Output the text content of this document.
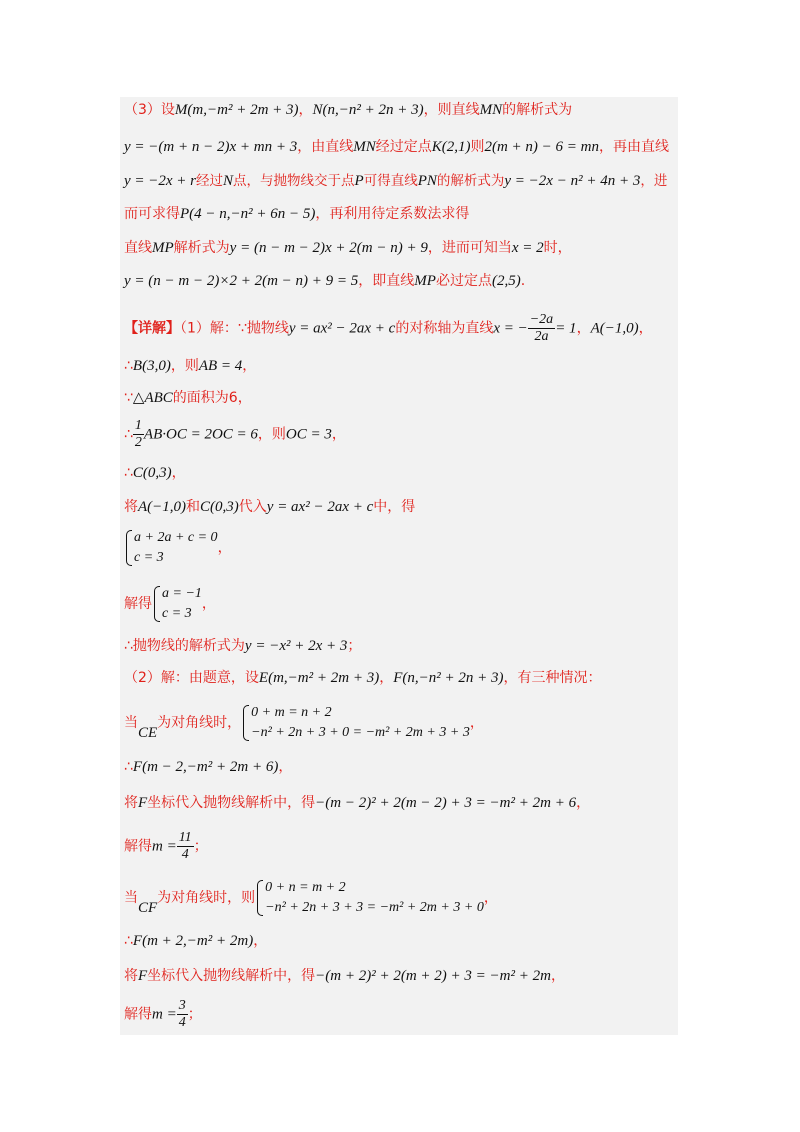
（3）设M(m,−m² + 2m + 3)，N(n,−n² + 2n + 3)，则直线MN的解析式为
y = −(m + n − 2)x + mn + 3，由直线MN经过定点K(2,1)则2(m + n) − 6 = mn，再由直线
y = −2x + r经过N点，与抛物线交于点P可得直线PN的解析式为y = −2x − n² + 4n + 3，进
而可求得P(4 − n,−n² + 6n − 5)，再利用待定系数法求得
直线MP解析式为y = (n − m − 2)x + 2(m − n) + 9，进而可知当x = 2时，
y = (n − m − 2)×2 + 2(m − n) + 9 = 5，即直线MP必过定点(2,5).
【详解】（1）解：∵抛物线y = ax² − 2ax + c的对称轴为直线x = − $\frac{-2a}{2a} = 1$，A(−1,0)，
∴B(3,0)，则AB = 4，
∵△ABC的面积为6，
∴ $\frac{1}{2} AB\cdot OC = 2OC = 6$，则OC = 3，
∴C(0,3)，
将A(−1,0)和C(0,3)代入y = ax² − 2ax + c中，得
a + 2a + c = 0
c = 3
，
解得
a = −1
c = 3
，
∴抛物线的解析式为y = −x² + 2x + 3；
（2）解：由题意，设E(m,−m² + 2m + 3)，F(n,−n² + 2n + 3)，有三种情况：
当CE为对角线时，
0 + m = n + 2
−n² + 2n + 3 + 0 = −m² + 2m + 3 + 3
，
∴F(m − 2,−m² + 2m + 6)，
将F坐标代入抛物线解析中，得−(m − 2)² + 2(m − 2) + 3 = −m² + 2m + 6，
解得$m = \frac{11}{4}$ ；
当CF为对角线时，则
0 + n = m + 2
−n² + 2n + 3 + 3 = −m² + 2m + 3 + 0
，
∴F(m + 2,−m² + 2m)，
将F坐标代入抛物线解析中，得−(m + 2)² + 2(m + 2) + 3 = −m² + 2m，
解得$m = \frac{3}{4}$ ；
